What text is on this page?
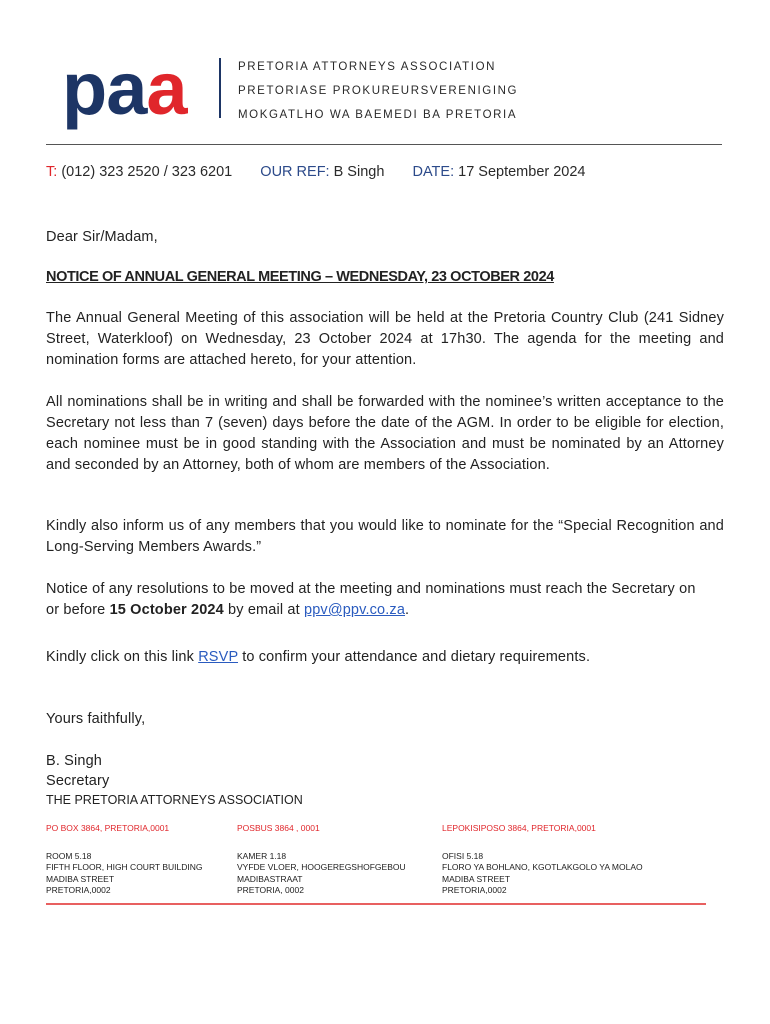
paa	PRETORIA ATTORNEYS ASSOCIATION
PRETORIASE PROKUREURSVERENIGING
MOKGATLHO WA BAEMEDI BA PRETORIA
T: (012) 323 2520 / 323 6201 OUR REF: B Singh DATE: 17 September 2024
Dear Sir/Madam,
NOTICE OF ANNUAL GENERAL MEETING – WEDNESDAY, 23 OCTOBER 2024
The Annual General Meeting of this association will be held at the Pretoria Country Club (241 Sidney Street, Waterkloof) on Wednesday, 23 October 2024 at 17h30. The agenda for the meeting and nomination forms are attached hereto, for your attention.
All nominations shall be in writing and shall be forwarded with the nominee’s written acceptance to the Secretary not less than 7 (seven) days before the date of the AGM. In order to be eligible for election, each nominee must be in good standing with the Association and must be nominated by an Attorney and seconded by an Attorney, both of whom are members of the Association.
Kindly also inform us of any members that you would like to nominate for the “Special Recognition and Long-Serving Members Awards.”
Notice of any resolutions to be moved at the meeting and nominations must reach the Secretary on or before 15 October 2024 by email at ppv@ppv.co.za.
Kindly click on this link RSVP to confirm your attendance and dietary requirements.
Yours faithfully,
B. Singh
Secretary
THE PRETORIA ATTORNEYS ASSOCIATION
PO BOX 3864, PRETORIA,0001
ROOM 5.18
FIFTH FLOOR, HIGH COURT BUILDING
MADIBA STREET
PRETORIA,0002
POSBUS 3864 , 0001
KAMER 1.18
VYFDE VLOER, HOOGEREGSHOFGEBOU
MADIBASTRAAT
PRETORIA, 0002
LEPOKISIPOSO 3864, PRETORIA,0001
OFISI 5.18
FLORO YA BOHLANO, KGOTLAKGOLO YA MOLAO
MADIBA STREET
PRETORIA,0002
